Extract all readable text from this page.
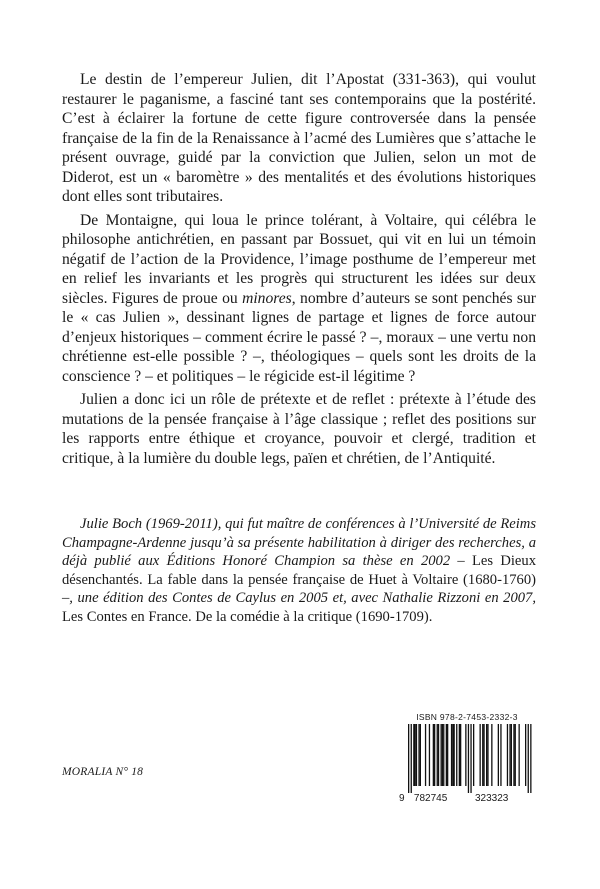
Le destin de l’empereur Julien, dit l’Apostat (331-363), qui voulut restaurer le paganisme, a fasciné tant ses contemporains que la postérité. C’est à éclairer la fortune de cette figure controversée dans la pensée française de la fin de la Renaissance à l’acmé des Lumières que s’attache le présent ouvrage, guidé par la conviction que Julien, selon un mot de Diderot, est un « baromètre » des mentalités et des évolutions historiques dont elles sont tributaires.

De Montaigne, qui loua le prince tolérant, à Voltaire, qui célébra le philosophe antichrétien, en passant par Bossuet, qui vit en lui un témoin négatif de l’action de la Providence, l’image posthume de l’empereur met en relief les invariants et les progrès qui structurent les idées sur deux siècles. Figures de proue ou minores, nombre d’auteurs se sont penchés sur le « cas Julien », dessinant lignes de partage et lignes de force autour d’enjeux historiques – comment écrire le passé ? –, moraux – une vertu non chrétienne est-elle possible ? –, théologiques – quels sont les droits de la conscience ? – et politiques – le régicide est-il légitime ?

Julien a donc ici un rôle de prétexte et de reflet : prétexte à l’étude des mutations de la pensée française à l’âge classique ; reflet des positions sur les rapports entre éthique et croyance, pouvoir et clergé, tradition et critique, à la lumière du double legs, païen et chrétien, de l’Antiquité.

Julie Boch (1969-2011), qui fut maître de conférences à l’Université de Reims Champagne-Ardenne jusqu’à sa présente habilitation à diriger des recherches, a déjà publié aux Éditions Honoré Champion sa thèse en 2002 – Les Dieux désenchantés. La fable dans la pensée française de Huet à Voltaire (1680-1760) –, une édition des Contes de Caylus en 2005 et, avec Nathalie Rizzoni en 2007, Les Contes en France. De la comédie à la critique (1690-1709).

MORALIA N° 18
ISBN 978-2-7453-2332-3
9 782745	323323
